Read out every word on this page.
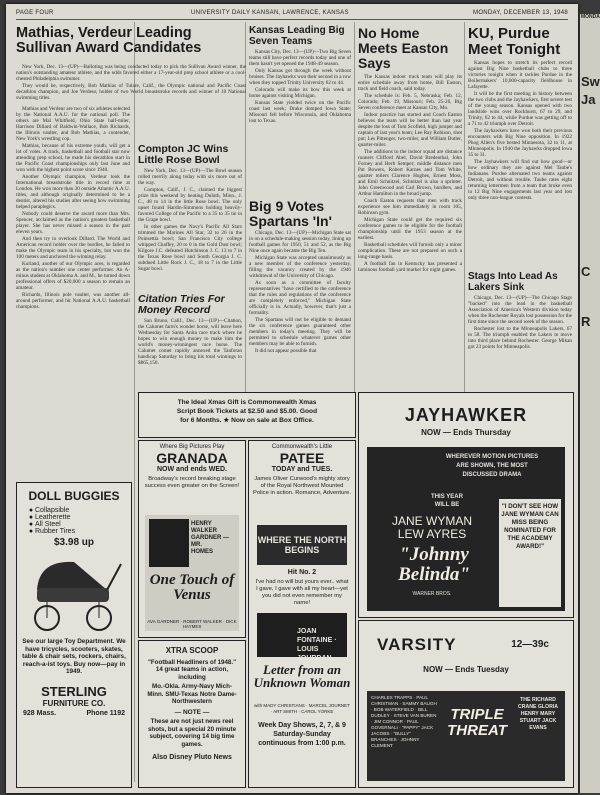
PAGE FOUR	UNIVERSITY DAILY KANSAN, LAWRENCE, KANSAS	MONDAY, DECEMBER 13, 1948
Mathias, Verdeur Leading Sullivan Award Candidates

New York, Dec. 13—(UP)—Balloting was being conducted today to pick the Sullivan Award winner, the nation's outstanding amateur athlete, and the odds favored either a 17-year-old prep school athlete or a cool-chested Philadelphia swimmer.

They would be, respectively, Bob Mathias of Tulare, Calif., the Olympic national and Pacific Coast decathlon champion, and Joe Verdeur, holder of two World breaststroke records and winner of 10 National swimming titles.

Mathias and Verdeur are two of six athletes selected by the National A.A.U. for the national poll. The others are Mal Whitfield, Ohio State half-miler, Harrison Dillard of Baldwin-Wallace, Bob Richards, the Illinois vaulter, and Bob Mathias, a contender, New York's wrestling cop.

Mathias, because of his extreme youth, will get a lot of votes. A track, basketball and football star now attending prep school, he made his decathlon start in the Pacific Coast championships only last June and won with the highest point score since 1940.

Another Olympic champion, Verdeur took the International breaststroke title in record time at London. He won more than 30 outside Atlantic A.A.U. titles, and although originally determined to be a dentist, altered his studies after seeing how swimming helped paraplegics.

Nobody could deserve the award more than Mrs. Spencer, acclaimed as the nation's greatest basketball player. She has never missed a season in the past eleven years.

And then try to overlook Dillard. The World and American record holder over the hurdles, he failed to make the Olympic team in his specialty, but won the 100 meters and anchored the winning relay.

Kurland, another of our Olympic aces, is regarded as the nation's number one center performer. An A-minus student at Oklahoma A. and M., he turned down professional offers of $20,000 a season to remain an amateur.

Richards, Illinois pole vaulter, was another all-around performer, and hit National A.A.U. basketball champions.

DOLL BUGGIES
● Collapsible
● Leatherette
● All Steel
● Rubber Tires
$3.98 up
See our large Toy Department. We have tricycles, scooters, skates, table & chair sets, rockers, chairs, reach-a-ist toys. Buy now—pay in 1949.
STERLING
FURNITURE CO.
928 Mass.	Phone 1192
Compton JC Wins Little Rose Bowl

New York, Dec. 13—(UP)—The Bowl season rolled merrily along today with six more out of the way.

Compton, Calif., J. C., claimed the biggest prize this weekend by beating Duluth, Minn., J. C., 48 to 14 in the little Rose bowl. The only upset found Hardin-Simmons holding heavily-favored College of the Pacific to a 35 to 35 tie in the Grape bowl.

In other games the Navy's Pacific All Stars trimmed the Marines All Star, 32 to 26 in the Poinsettia bowl; San Francisco City college whipped Chaffey, 20 to 0 in the Gold Dust bowl; Kilgore J.C. defeated Hutchinson J. C. 13 to 7 in the Texas Rose bowl and South Georgia J. C. subdued Little Rock J. C., 18 to 7 in the Little Sugar bowl.

Citation Tries For Money Record

San Bruno, Calif., Dec. 13—(UP)—Citation, the Calumet farm's wonder horse, will leave here Wednesday for Santa Anita race track where he hopes to win enough money to make him the world's money-winningest race horse. The Calumet comet rapidly annexed the Tanforan handicap Saturday to bring his total winnings to $865,150.

Kansas Leading Big Seven Teams

Kansas City, Dec. 13—(UP)—Two Big Seven teams still have perfect records today and one of them hasn't yet opened the 1948-49 season.

Only Kansas got through the week without bruises. The Jayhawks won their second in a row when they topped Trinity University 62 to 44.

Colorado will make its bow this week at home against visiting Michigan.

Kansas State yielded twice on the Pacific coast last week; Drake dumped Iowa State; Missouri fell before Wisconsin, and Oklahoma lost to Texas.

Big 9 Votes Spartans 'In'

Chicago, Dec. 13—(UP)—Michigan State sat in on a schedule-making session today, lining up football games for 1950, 51 and 52, as the Big Nine once again became the Big Ten.

Michigan State was accepted unanimously as a new member of the conference yesterday, filling the vacancy created by the 1946 withdrawal of the University of Chicago.

As soon as a committee of faculty representatives "have certified to the conference that the rules and regulations of the conference are completely enforced," Michigan State officially is in. Actually, however, that's just a formality.

The Spartans will not be eligible to demand the six conference games guaranteed other members in today's meeting. They will be permitted to schedule whatever games other members may be able to furnish.

It did not appear possible that

No Home Meets Easton Says

The Kansas indoor track team will play its entire schedule away from home, Bill Easton, track and field coach, said today.

The schedule is: Feb. 5, Nebraska; Feb. 12, Colorado; Feb. 19, Missouri; Feb. 25-26, Big Seven conference meet at Kansas City, Mo.

Indoor practice has started and Coach Easton believes the team will be better than last year despite the loss of Tom Scofield, high jumper and captain of last year's team; Lee Ray Robison, shot put; Les Pittenger, two-miler, and William Butler, quarter-miler.

The additions to the indoor squad are distance runners Clifford Abel, David Bredenthal, John Forney and Herb Semper; middle distance men Pat Bowers, Robert Karnes and Tom White, quarter milers Clarence Hughes, Ernest Moss, and Emil Schnitzel, Schnitzel is also a sprinter. John Greenwood and Carl Brown, hurdlers, and Arthur Hamilton in the broad jump.

Coach Easton requests that men with track experience see him immediately in room 105, Robinson gym.

Michigan State could get the required six conference games to be eligible for the football championship until the 1953 season at the earliest.

Basketball schedules will furnish only a minor complication. These are not prepared on such a long-range basis.

A football fan in Kentucky has presented a luminous football yard marker for night games.

KU, Purdue Meet Tonight

Kansas hopes to stretch its perfect record against Big Nine basketball clubs to three victories tonight when it tackles Purdue in the Boilermakers' 10,000-capacity fieldhouse in Lafayette.

It will be the first meeting in history between the two clubs and the Jayhawkers, first severe test of the young season. Kansas opened with two landslide wins over Rockhurst, 67 to 29, and Trinity, 62 to 44, while Purdue was getting off to a 71 to 42 triumph over Detroit.

The Jayhawkers have won both their previous encounters with Big Nine opposition. In 1922 Phog Allen's five bested Minnesota, 32 to 11, at Minneapolis. In 1940 the Jayhawks dropped Iowa 35 to 31.

The Jayhawkers will find out how good—or how ordinary they are against Mel Taube's Indianans. Purdue alternated two teams against Detroit, and without trouble. Taube rates eight returning lettermen from a team that broke even in 12 Big Nine engagements last year and lost only three non-league contests.

Stags Into Lead As Lakers Sink

Chicago, Dec. 13—(UP)—The Chicago Stags "backed" into the lead in the basketball Association of America's Western division today when the Rochester Royals lost possession for the first time since the second week of the season.

Rochester lost to the Minneapolis Lakers, 67 to 58. The triumph enabled the Lakers to move into third place behind Rochester. George Mikan got 23 points for Minneapolis.

The Ideal Xmas Gift is Commonwealth Xmas
Script Book Tickets at $2.50 and $5.00. Good
for 6 Months. ★ Now on sale at Box Office.
Where Big Pictures Play
GRANADA
NOW and ends WED.
Broadway's record breaking stage success even greater on the Screen!
HENRY WALKER
GARDNER — MR.
HOMES
One Touch of Venus
AVA GARDNER · ROBERT WALKER · DICK HAYMES
XTRA SCOOP
"Football Headliners of 1948." 14 great teams in action, including
Mo.-Okla. Army-Navy Mich-Minn. SMU-Texas Notre Dame-Northwestern
— NOTE —
These are not just news reel shots, but a special 20 minute subject, covering 14 big time games.
Also Disney Pluto News
Commonwealth's Little
PATEE
TODAY and TUES.
James Oliver Curwood's mighty story of the Royal Northwest Mounted Police in action. Romance, Adventure.
WHERE THE NORTH BEGINS
Hit No. 2
I've had no will but yours ever.. what I gave, I gave with all my heart—yet you did not even remember my name!
JOAN FONTAINE · LOUIS JOURDAN
Letter from an Unknown Woman
with MADY CHRISTIANS · MARCEL JOURNET · ART SMITH · CAROL YORKE
Week Day Shows, 2, 7, & 9
Saturday-Sunday
continuous from 1:00 p.m.
JAYHAWKER
NOW — Ends Thursday
WHEREVER MOTION PICTURES
ARE SHOWN, THE MOST
DISCUSSED DRAMA
THIS YEAR
WILL BE
JANE WYMAN
LEW AYRES
"Johnny Belinda"
WARNER BROS.
"I DON'T SEE HOW JANE WYMAN CAN MISS BEING NOMINATED FOR THE ACADEMY AWARD!"
LOUELLA PARSONS
VARSITY	12—39c
NOW — Ends Tuesday
CHARLES TRAPPS · PAUL CHRISTMAN · SAMMY BAUGH · BOB WATERFIELD · BILL DUDLEY · STEVE VAN BUREN · JIM CONNOR · PAUL GOVERNALI · "PAPPY" JACK JACOBS · "BULLY" BRANCHES · JOHNNY CLEMENT
TRIPLE THREAT
THE RICHARD CRANE GLORIA HENRY MARY STUART JACK EVANS
MONDA
Sw
Ja
C
R
